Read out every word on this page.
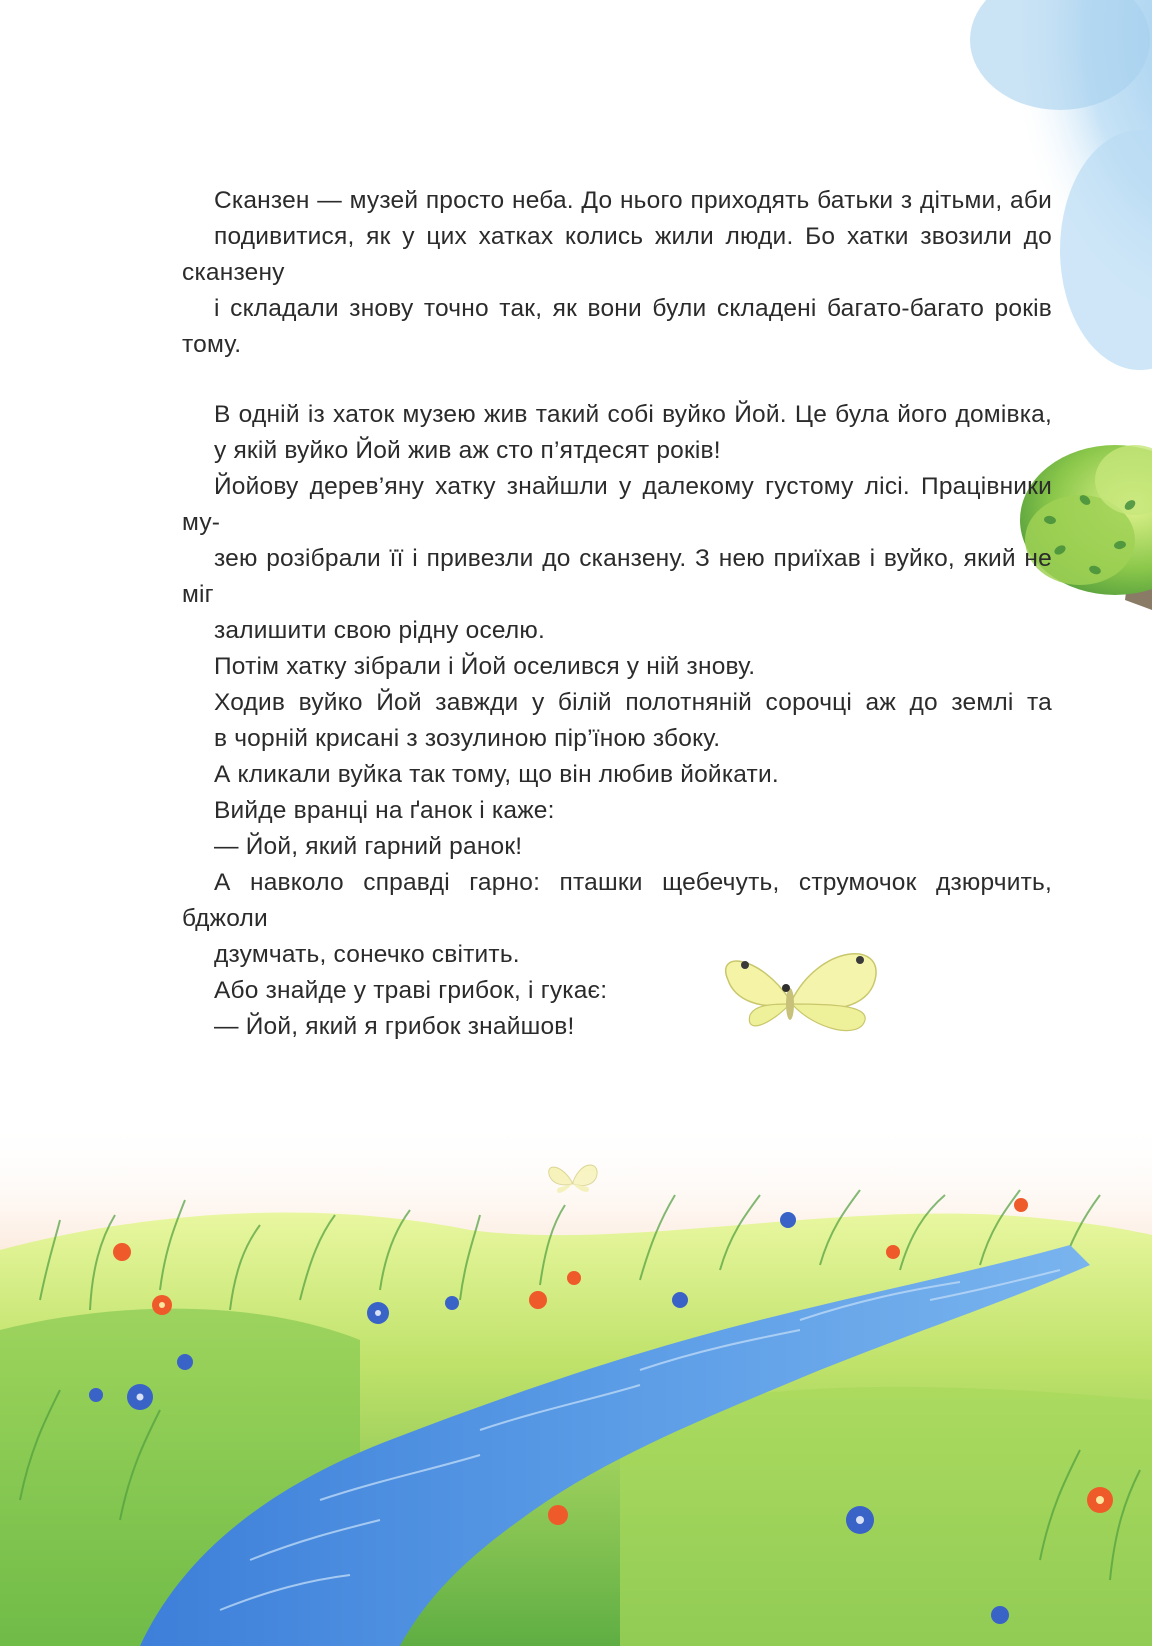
Сканзен — музей просто неба. До нього приходять батьки з дітьми, аби
подивитися, як у цих хатках колись жили люди. Бо хатки звозили до сканзену
і складали знову точно так, як вони були складені багато-багато років тому.

В одній із хаток музею жив такий собі вуйко Йой. Це була його домівка,
у якій вуйко Йой жив аж сто п’ятдесят років!

Йойову дерев’яну хатку знайшли у далекому густому лісі. Працівники му-
зею розібрали її і привезли до сканзену. З нею приїхав і вуйко, який не міг
залишити свою рідну оселю.

Потім хатку зібрали і Йой оселився у ній знову.

Ходив вуйко Йой завжди у білій полотняній сорочці аж до землі та
в чорній крисані з зозулиною пір’їною збоку.

А кликали вуйка так тому, що він любив йойкати.

Вийде вранці на ґанок і каже:

— Йой, який гарний ранок!

А навколо справді гарно: пташки щебечуть, струмочок дзюрчить, бджоли
дзумчать, сонечко світить.

Або знайде у траві грибок, і гукає:

— Йой, який я грибок знайшов!
